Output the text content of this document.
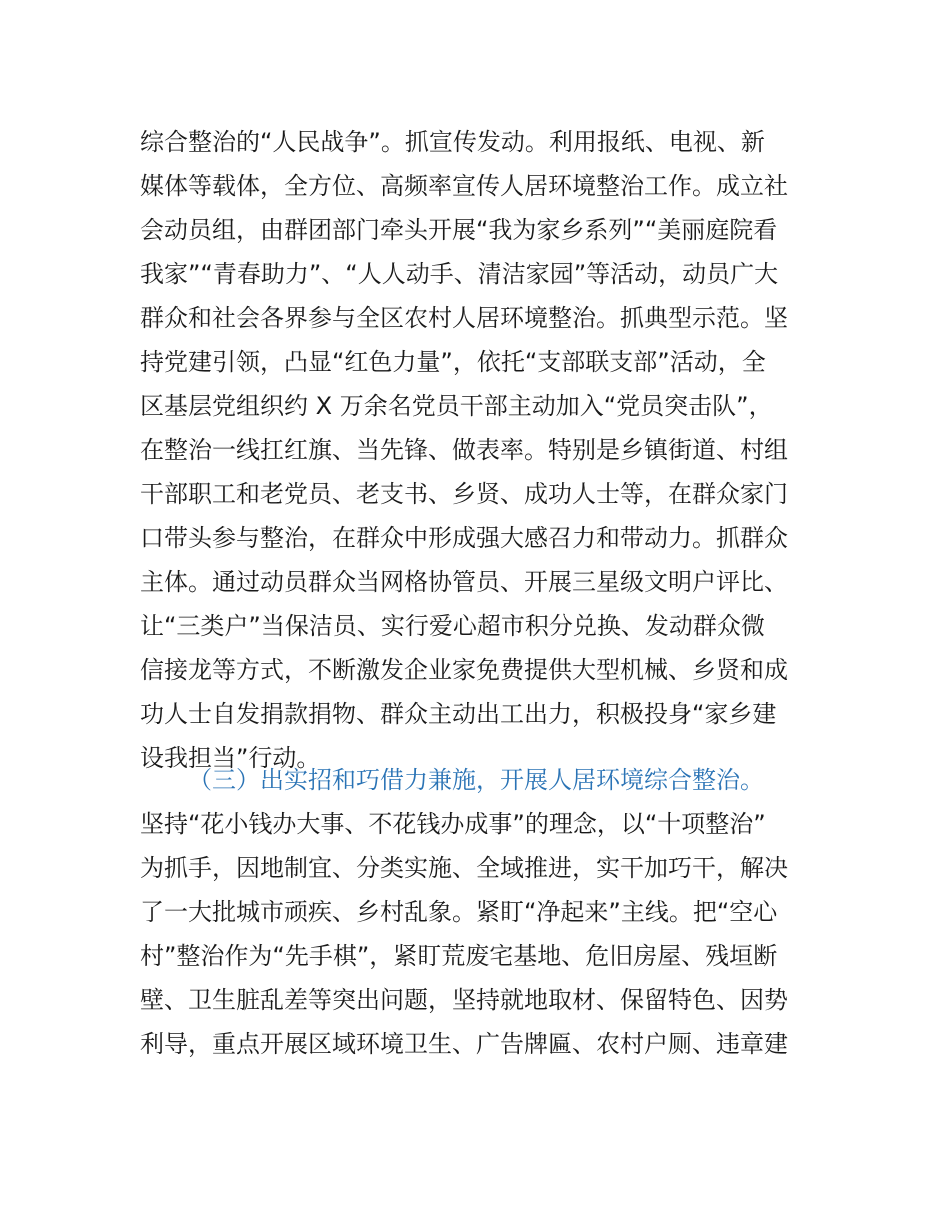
综合整治的“人民战争”。抓宣传发动。利用报纸、电视、新
媒体等载体，全方位、高频率宣传人居环境整治工作。成立社
会动员组，由群团部门牵头开展“我为家乡系列”“美丽庭院看
我家”“青春助力”、“人人动手、清洁家园”等活动，动员广大
群众和社会各界参与全区农村人居环境整治。抓典型示范。坚
持党建引领，凸显“红色力量”，依托“支部联支部”活动，全
区基层党组织约 X 万余名党员干部主动加入“党员突击队”，
在整治一线扛红旗、当先锋、做表率。特别是乡镇街道、村组
干部职工和老党员、老支书、乡贤、成功人士等，在群众家门
口带头参与整治，在群众中形成强大感召力和带动力。抓群众
主体。通过动员群众当网格协管员、开展三星级文明户评比、
让“三类户”当保洁员、实行爱心超市积分兑换、发动群众微
信接龙等方式，不断激发企业家免费提供大型机械、乡贤和成
功人士自发捐款捐物、群众主动出工出力，积极投身“家乡建
设我担当”行动。
（三）出实招和巧借力兼施，开展人居环境综合整治。
坚持“花小钱办大事、不花钱办成事”的理念，以“十项整治”
为抓手，因地制宜、分类实施、全域推进，实干加巧干，解决
了一大批城市顽疾、乡村乱象。紧盯“净起来”主线。把“空心
村”整治作为“先手棋”，紧盯荒废宅基地、危旧房屋、残垣断
壁、卫生脏乱差等突出问题，坚持就地取材、保留特色、因势
利导，重点开展区域环境卫生、广告牌匾、农村户厕、违章建
